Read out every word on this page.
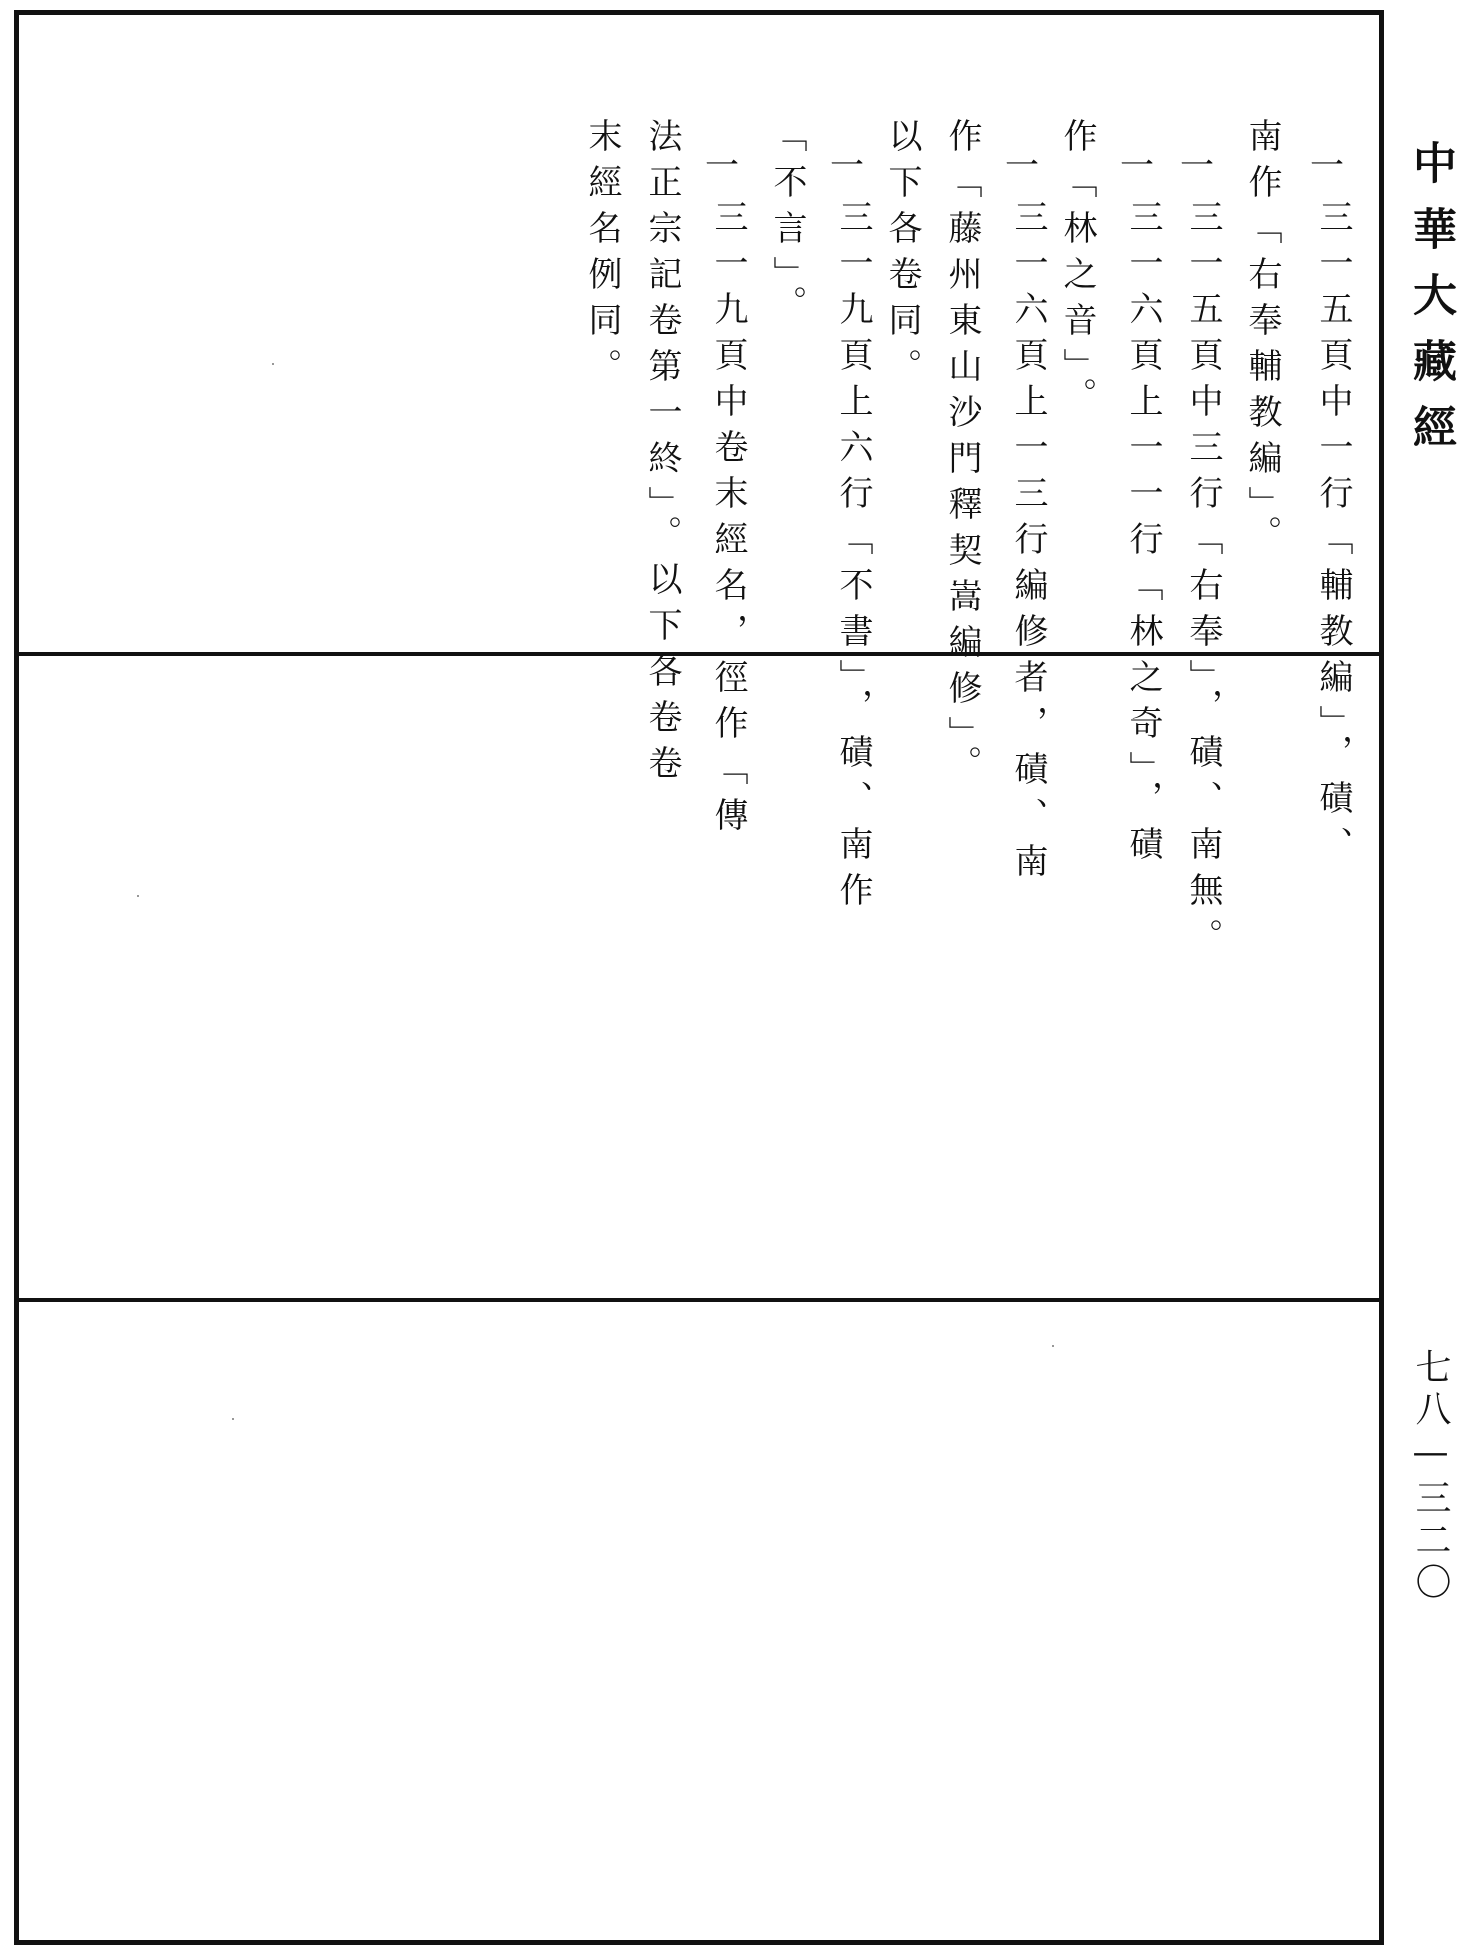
一三一五頁中一行「輔教編」，磧、

南作「右奉輔教編」。

一三一五頁中三行「右奉」，磧、南無。

一三一六頁上一一行「林之奇」，磧

作「林之音」。

一三一六頁上一三行編修者，磧、南

作「藤州東山沙門釋契嵩編修」。
以下各卷同。

一三一九頁上六行「不書」，磧、南作

「不言」。

一三一九頁中卷末經名，徑作「傳

法正宗記卷第一終」。以下各卷卷
末經名例同。	中華大藏經
七八—三二〇
